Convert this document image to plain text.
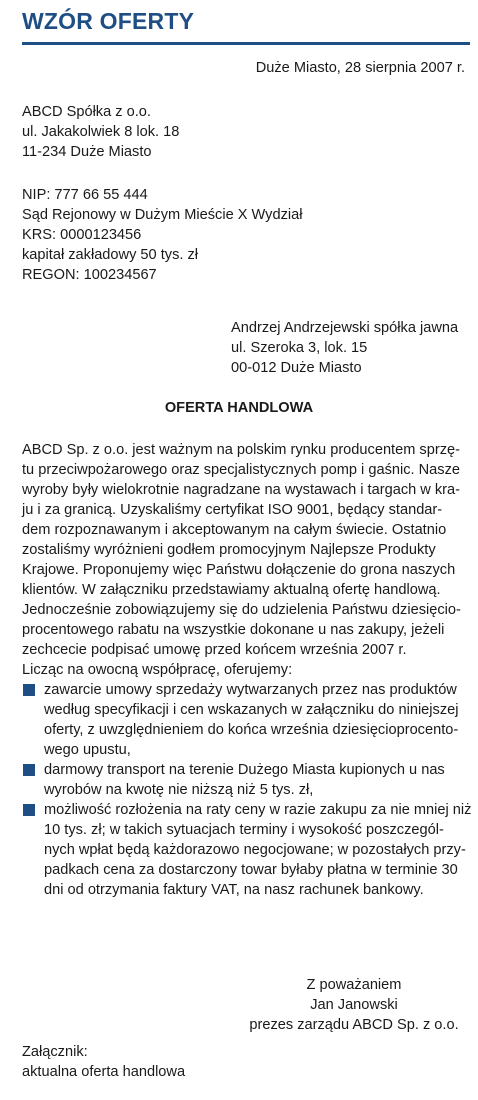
WZÓR OFERTY
Duże Miasto, 28 sierpnia 2007 r.
ABCD Spółka z o.o.
ul. Jakakolwiek 8 lok. 18
11-234 Duże Miasto
NIP: 777 66 55 444
Sąd Rejonowy w Dużym Mieście X Wydział
KRS: 0000123456
kapitał zakładowy 50 tys. zł
REGON: 100234567
Andrzej Andrzejewski spółka jawna
ul. Szeroka 3, lok. 15
00-012 Duże Miasto
OFERTA HANDLOWA
ABCD Sp. z o.o. jest ważnym na polskim rynku producentem sprzę-
tu przeciwpożarowego oraz specjalistycznych pomp i gaśnic. Nasze
wyroby były wielokrotnie nagradzane na wystawach i targach w kra-
ju i za granicą. Uzyskaliśmy certyfikat ISO 9001, będący standar-
dem rozpoznawanym i akceptowanym na całym świecie. Ostatnio
zostaliśmy wyróżnieni godłem promocyjnym Najlepsze Produkty
Krajowe. Proponujemy więc Państwu dołączenie do grona naszych
klientów. W załączniku przedstawiamy aktualną ofertę handlową.
Jednocześnie zobowiązujemy się do udzielenia Państwu dziesięcio-
procentowego rabatu na wszystkie dokonane u nas zakupy, jeżeli
zechcecie podpisać umowę przed końcem września 2007 r.
Licząc na owocną współpracę, oferujemy:
zawarcie umowy sprzedaży wytwarzanych przez nas produktów
według specyfikacji i cen wskazanych w załączniku do niniejszej
oferty, z uwzględnieniem do końca września dziesięcioprocento-
wego upustu,
darmowy transport na terenie Dużego Miasta kupionych u nas
wyrobów na kwotę nie niższą niż 5 tys. zł,
możliwość rozłożenia na raty ceny w razie zakupu za nie mniej niż
10 tys. zł; w takich sytuacjach terminy i wysokość poszczegól-
nych wpłat będą każdorazowo negocjowane; w pozostałych przy-
padkach cena za dostarczony towar byłaby płatna w terminie 30
dni od otrzymania faktury VAT, na nasz rachunek bankowy.
Z poważaniem
Jan Janowski
prezes zarządu ABCD Sp. z o.o.
Załącznik:
aktualna oferta handlowa
